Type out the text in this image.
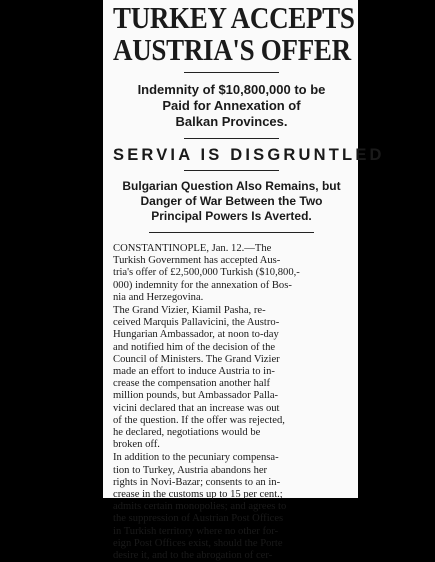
TURKEY ACCEPTS
AUSTRIA'S OFFER
Indemnity of $10,800,000 to be
Paid for Annexation of
Balkan Provinces.
SERVIA IS DISGRUNTLED
Bulgarian Question Also Remains, but
Danger of War Between the Two
Principal Powers Is Averted.
CONSTANTINOPLE, Jan. 12.—The
Turkish Government has accepted Aus-
tria's offer of £2,500,000 Turkish ($10,800,-
000) indemnity for the annexation of Bos-
nia and Herzegovina.
The Grand Vizier, Kiamil Pasha, re-
ceived Marquis Pallavicini, the Austro-
Hungarian Ambassador, at noon to-day
and notified him of the decision of the
Council of Ministers. The Grand Vizier
made an effort to induce Austria to in-
crease the compensation another half
million pounds, but Ambassador Palla-
vicini declared that an increase was out
of the question. If the offer was rejected,
he declared, negotiations would be
broken off.
In addition to the pecuniary compensa-
tion to Turkey, Austria abandons her
rights in Novi-Bazar; consents to an in-
crease in the customs up to 15 per cent.;
admits certain monopolies; and agrees to
the suppression of Austrian Post Offices
in Turkish territory where no other for-
eign Post Offices exist, should the Porte
desire it, and to the abrogation of cer-
